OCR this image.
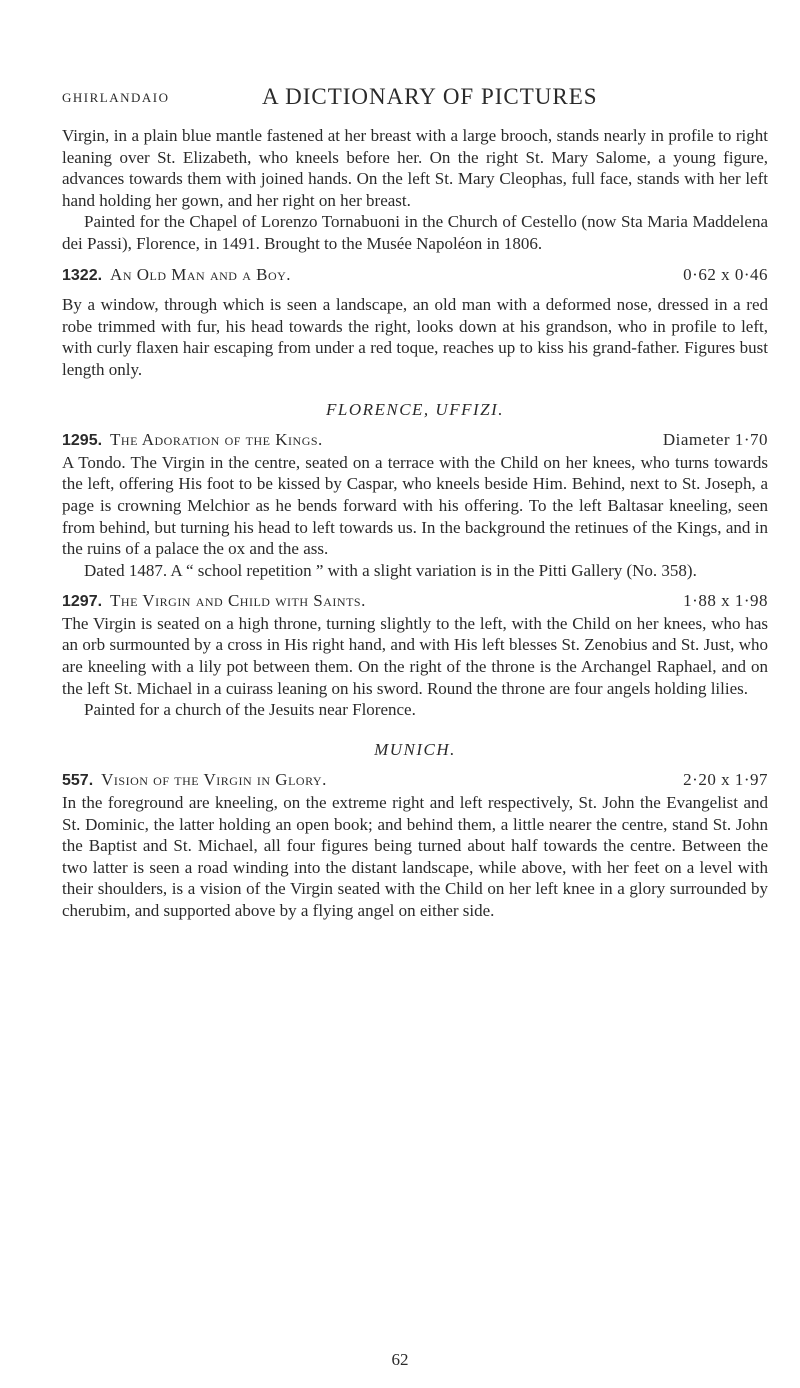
GHIRLANDAIO	A DICTIONARY OF PICTURES

Virgin, in a plain blue mantle fastened at her breast with a large brooch, stands nearly in profile to right leaning over St. Elizabeth, who kneels before her. On the right St. Mary Salome, a young figure, advances towards them with joined hands. On the left St. Mary Cleophas, full face, stands with her left hand holding her gown, and her right on her breast.

Painted for the Chapel of Lorenzo Tornabuoni in the Church of Cestello (now Sta Maria Maddelena dei Passi), Florence, in 1491. Brought to the Musée Napoléon in 1806.

1322. An Old Man and a Boy.	0·62 x 0·46

By a window, through which is seen a landscape, an old man with a deformed nose, dressed in a red robe trimmed with fur, his head towards the right, looks down at his grandson, who in profile to left, with curly flaxen hair escaping from under a red toque, reaches up to kiss his grand-father. Figures bust length only.

FLORENCE, UFFIZI.
1295. The Adoration of the Kings.	Diameter 1·70

A Tondo. The Virgin in the centre, seated on a terrace with the Child on her knees, who turns towards the left, offering His foot to be kissed by Caspar, who kneels beside Him. Behind, next to St. Joseph, a page is crowning Melchior as he bends forward with his offering. To the left Baltasar kneeling, seen from behind, but turning his head to left towards us. In the background the retinues of the Kings, and in the ruins of a palace the ox and the ass.

Dated 1487. A “ school repetition ” with a slight variation is in the Pitti Gallery (No. 358).

1297. The Virgin and Child with Saints.	1·88 x 1·98

The Virgin is seated on a high throne, turning slightly to the left, with the Child on her knees, who has an orb surmounted by a cross in His right hand, and with His left blesses St. Zenobius and St. Just, who are kneeling with a lily pot between them. On the right of the throne is the Archangel Raphael, and on the left St. Michael in a cuirass leaning on his sword. Round the throne are four angels holding lilies.

Painted for a church of the Jesuits near Florence.

MUNICH.
557. Vision of the Virgin in Glory.	2·20 x 1·97

In the foreground are kneeling, on the extreme right and left respectively, St. John the Evangelist and St. Dominic, the latter holding an open book; and behind them, a little nearer the centre, stand St. John the Baptist and St. Michael, all four figures being turned about half towards the centre. Between the two latter is seen a road winding into the distant landscape, while above, with her feet on a level with their shoulders, is a vision of the Virgin seated with the Child on her left knee in a glory surrounded by cherubim, and supported above by a flying angel on either side.

62
